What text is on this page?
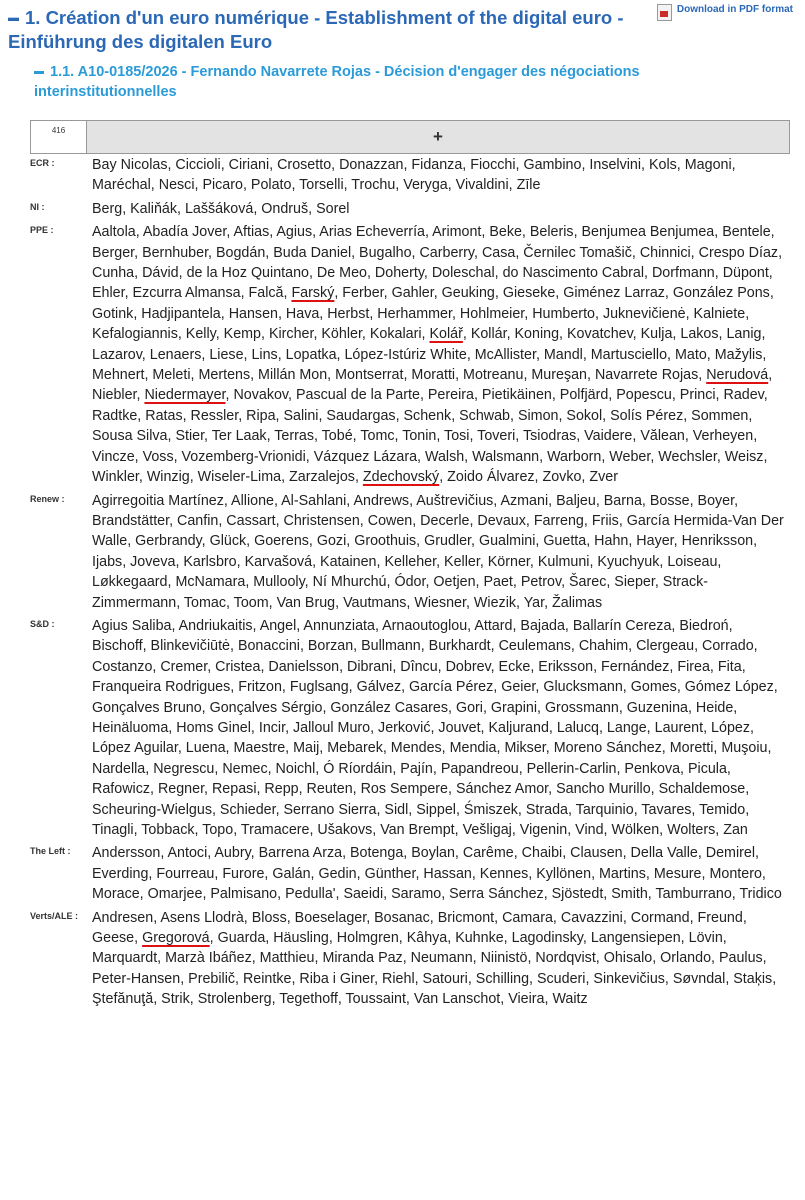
▬ 1. Création d'un euro numérique - Establishment of the digital euro - Einführung des digitalen Euro
Download in PDF format
▬ 1.1. A10-0185/2026 - Fernando Navarrete Rojas - Décision d'engager des négociations interinstitutionnelles
416	+
ECR :	Bay Nicolas, Ciccioli, Ciriani, Crosetto, Donazzan, Fidanza, Fiocchi, Gambino, Inselvini, Kols, Magoni, Maréchal, Nesci, Picaro, Polato, Torselli, Trochu, Veryga, Vivaldini, Zīle
NI :	Berg, Kaliňák, Laššáková, Ondruš, Sorel
PPE :	Aaltola, Abadía Jover, Aftias, Agius, Arias Echeverría, Arimont, Beke, Beleris, Benjumea Benjumea, Bentele, Berger, Bernhuber, Bogdán, Buda Daniel, Bugalho, Carberry, Casa, Černilec Tomašič, Chinnici, Crespo Díaz, Cunha, Dávid, de la Hoz Quintano, De Meo, Doherty, Doleschal, do Nascimento Cabral, Dorfmann, Düpont, Ehler, Ezcurra Almansa, Falcă, Farský, Ferber, Gahler, Geuking, Gieseke, Giménez Larraz, González Pons, Gotink, Hadjipantela, Hansen, Hava, Herbst, Herhammer, Hohlmeier, Humberto, Juknevičienė, Kalniete, Kefalogiannis, Kelly, Kemp, Kircher, Köhler, Kokalari, Kolář, Kollár, Koning, Kovatchev, Kulja, Lakos, Lanig, Lazarov, Lenaers, Liese, Lins, Lopatka, López-Istúriz White, McAllister, Mandl, Martusciello, Mato, Mažylis, Mehnert, Meleti, Mertens, Millán Mon, Montserrat, Moratti, Motreanu, Mureşan, Navarrete Rojas, Nerudová, Niebler, Niedermayer, Novakov, Pascual de la Parte, Pereira, Pietikäinen, Polfjärd, Popescu, Princi, Radev, Radtke, Ratas, Ressler, Ripa, Salini, Saudargas, Schenk, Schwab, Simon, Sokol, Solís Pérez, Sommen, Sousa Silva, Stier, Ter Laak, Terras, Tobé, Tomc, Tonin, Tosi, Toveri, Tsiodras, Vaidere, Vălean, Verheyen, Vincze, Voss, Vozemberg-Vrionidi, Vázquez Lázara, Walsh, Walsmann, Warborn, Weber, Wechsler, Weisz, Winkler, Winzig, Wiseler-Lima, Zarzalejos, Zdechovský, Zoido Álvarez, Zovko, Zver
Renew :	Agirregoitia Martínez, Allione, Al-Sahlani, Andrews, Auštrevičius, Azmani, Baljeu, Barna, Bosse, Boyer, Brandstätter, Canfin, Cassart, Christensen, Cowen, Decerle, Devaux, Farreng, Friis, García Hermida-Van Der Walle, Gerbrandy, Glück, Goerens, Gozi, Groothuis, Grudler, Gualmini, Guetta, Hahn, Hayer, Henriksson, Ijabs, Joveva, Karlsbro, Karvašová, Katainen, Kelleher, Keller, Körner, Kulmuni, Kyuchyuk, Loiseau, Løkkegaard, McNamara, Mullooly, Ní Mhurchú, Ódor, Oetjen, Paet, Petrov, Šarec, Sieper, Strack-Zimmermann, Tomac, Toom, Van Brug, Vautmans, Wiesner, Wiezik, Yar, Žalimas
S&D :	Agius Saliba, Andriukaitis, Angel, Annunziata, Arnaoutoglou, Attard, Bajada, Ballarín Cereza, Biedroń, Bischoff, Blinkevičiūtė, Bonaccini, Borzan, Bullmann, Burkhardt, Ceulemans, Chahim, Clergeau, Corrado, Costanzo, Cremer, Cristea, Danielsson, Dibrani, Dîncu, Dobrev, Ecke, Eriksson, Fernández, Firea, Fita, Franqueira Rodrigues, Fritzon, Fuglsang, Gálvez, García Pérez, Geier, Glucksmann, Gomes, Gómez López, Gonçalves Bruno, Gonçalves Sérgio, González Casares, Gori, Grapini, Grossmann, Guzenina, Heide, Heinäluoma, Homs Ginel, Incir, Jalloul Muro, Jerković, Jouvet, Kaljurand, Lalucq, Lange, Laurent, López, López Aguilar, Luena, Maestre, Maij, Mebarek, Mendes, Mendia, Mikser, Moreno Sánchez, Moretti, Muşoiu, Nardella, Negrescu, Nemec, Noichl, Ó Ríordáin, Pajín, Papandreou, Pellerin-Carlin, Penkova, Picula, Rafowicz, Regner, Repasi, Repp, Reuten, Ros Sempere, Sánchez Amor, Sancho Murillo, Schaldemose, Scheuring-Wielgus, Schieder, Serrano Sierra, Sidl, Sippel, Śmiszek, Strada, Tarquinio, Tavares, Temido, Tinagli, Tobback, Topo, Tramacere, Ušakovs, Van Brempt, Vešligaj, Vigenin, Vind, Wölken, Wolters, Zan
The Left :	Andersson, Antoci, Aubry, Barrena Arza, Botenga, Boylan, Carême, Chaibi, Clausen, Della Valle, Demirel, Everding, Fourreau, Furore, Galán, Gedin, Günther, Hassan, Kennes, Kyllönen, Martins, Mesure, Montero, Morace, Omarjee, Palmisano, Pedulla', Saeidi, Saramo, Serra Sánchez, Sjöstedt, Smith, Tamburrano, Tridico
Verts/ALE : Andresen, Asens Llodrà, Bloss, Boeselager, Bosanac, Bricmont, Camara, Cavazzini, Cormand, Freund, Geese, Gregorová, Guarda, Häusling, Holmgren, Kâhya, Kuhnke, Lagodinsky, Langensiepen, Lövin, Marquardt, Marzà Ibáñez, Matthieu, Miranda Paz, Neumann, Niinistö, Nordqvist, Ohisalo, Orlando, Paulus, Peter-Hansen, Prebilič, Reintke, Riba i Giner, Riehl, Satouri, Schilling, Scuderi, Sinkevičius, Søvndal, Staķis, Ştefănuţă, Strik, Strolenberg, Tegethoff, Toussaint, Van Lanschot, Vieira, Waitz
